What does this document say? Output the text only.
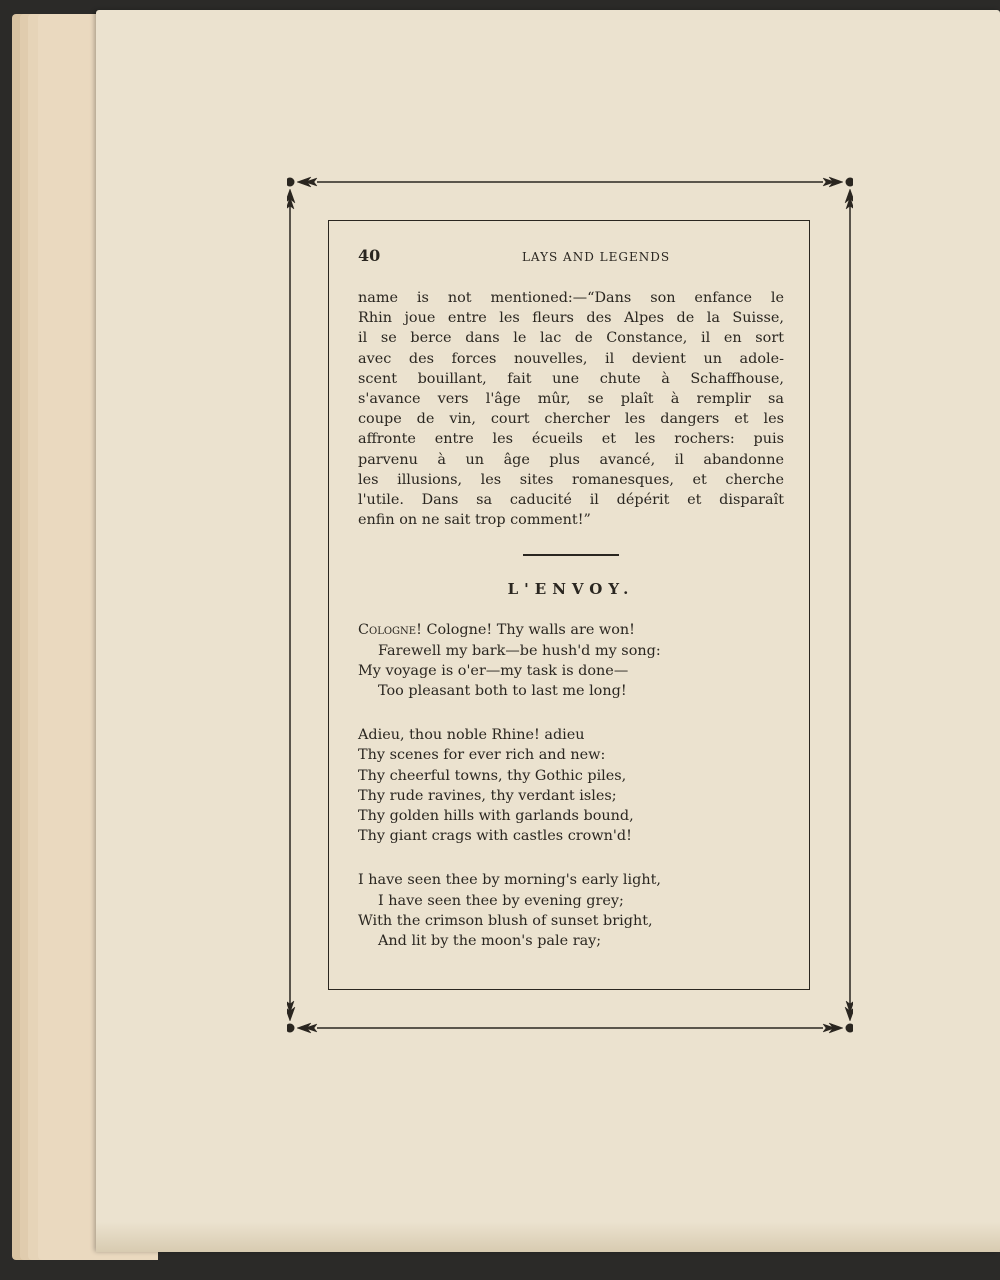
40	LAYS AND LEGENDS
name is not mentioned:—“Dans son enfance le
Rhin joue entre les fleurs des Alpes de la Suisse,
il se berce dans le lac de Constance, il en sort
avec des forces nouvelles, il devient un adole-
scent bouillant, fait une chute à Schaffhouse,
s'avance vers l'âge mûr, se plaît à remplir sa
coupe de vin, court chercher les dangers et les
affronte entre les écueils et les rochers: puis
parvenu à un âge plus avancé, il abandonne
les illusions, les sites romanesques, et cherche
l'utile. Dans sa caducité il dépérit et disparaît
enfin on ne sait trop comment!”
L'ENVOY.
Cologne! Cologne! Thy walls are won!
Farewell my bark—be hush'd my song:
My voyage is o'er—my task is done—
Too pleasant both to last me long!
Adieu, thou noble Rhine! adieu
Thy scenes for ever rich and new:
Thy cheerful towns, thy Gothic piles,
Thy rude ravines, thy verdant isles;
Thy golden hills with garlands bound,
Thy giant crags with castles crown'd!
I have seen thee by morning's early light,
I have seen thee by evening grey;
With the crimson blush of sunset bright,
And lit by the moon's pale ray;
